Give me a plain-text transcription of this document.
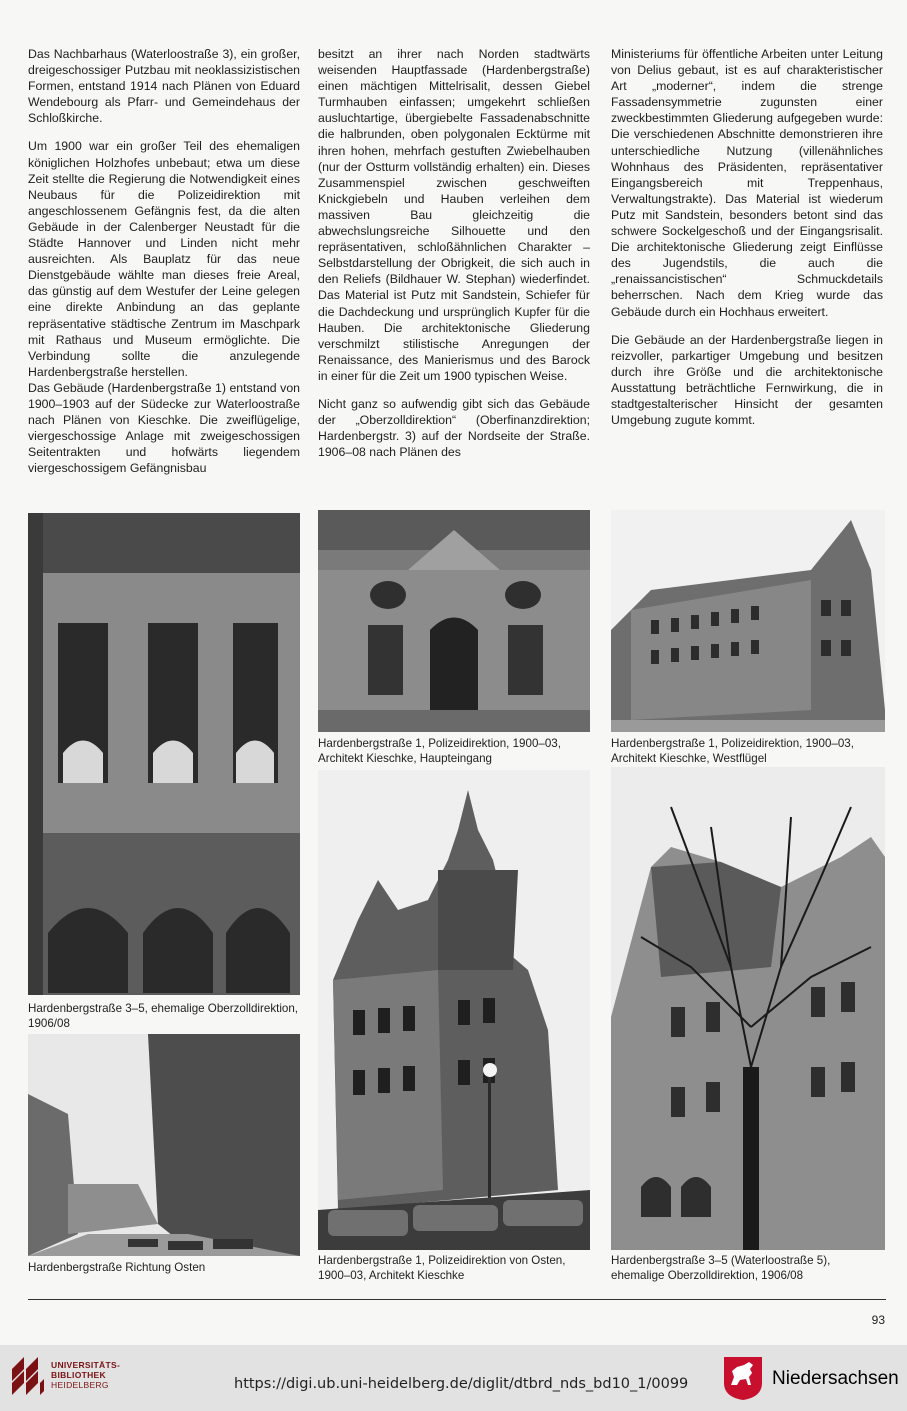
Das Nachbarhaus (Waterloostraße 3), ein großer, dreigeschossiger Putzbau mit neoklassizistischen Formen, entstand 1914 nach Plänen von Eduard Wendebourg als Pfarr- und Gemeindehaus der Schloßkirche.

Um 1900 war ein großer Teil des ehemaligen königlichen Holzhofes unbebaut; etwa um diese Zeit stellte die Regierung die Notwendigkeit eines Neubaus für die Polizeidirektion mit angeschlossenem Gefängnis fest, da die alten Gebäude in der Calenberger Neustadt für die Städte Hannover und Linden nicht mehr ausreichten. Als Bauplatz für das neue Dienstgebäude wählte man dieses freie Areal, das günstig auf dem Westufer der Leine gelegen eine direkte Anbindung an das geplante repräsentative städtische Zentrum im Maschpark mit Rathaus und Museum ermöglichte. Die Verbindung sollte die anzulegende Hardenbergstraße herstellen.

Das Gebäude (Hardenbergstraße 1) entstand von 1900–1903 auf der Südecke zur Waterloostraße nach Plänen von Kieschke. Die zweiflügelige, viergeschossige Anlage mit zweigeschossigen Seitentrakten und hofwärts liegendem viergeschossigem Gefängnisbau

besitzt an ihrer nach Norden stadtwärts weisenden Hauptfassade (Hardenbergstraße) einen mächtigen Mittelrisalit, dessen Giebel Turmhauben einfassen; umgekehrt schließen ausluchtartige, übergiebelte Fassadenabschnitte die halbrunden, oben polygonalen Ecktürme mit ihren hohen, mehrfach gestuften Zwiebelhauben (nur der Ostturm vollständig erhalten) ein. Dieses Zusammenspiel zwischen geschweiften Knickgiebeln und Hauben verleihen dem massiven Bau gleichzeitig die abwechslungsreiche Silhouette und den repräsentativen, schloßähnlichen Charakter – Selbstdarstellung der Obrigkeit, die sich auch in den Reliefs (Bildhauer W. Stephan) wiederfindet. Das Material ist Putz mit Sandstein, Schiefer für die Dachdeckung und ursprünglich Kupfer für die Hauben. Die architektonische Gliederung verschmilzt stilistische Anregungen der Renaissance, des Manierismus und des Barock in einer für die Zeit um 1900 typischen Weise.

Nicht ganz so aufwendig gibt sich das Gebäude der „Oberzolldirektion“ (Oberfinanzdirektion; Hardenbergstr. 3) auf der Nordseite der Straße. 1906–08 nach Plänen des

Ministeriums für öffentliche Arbeiten unter Leitung von Delius gebaut, ist es auf charakteristischer Art „moderner“, indem die strenge Fassadensymmetrie zugunsten einer zweckbestimmten Gliederung aufgegeben wurde: Die verschiedenen Abschnitte demonstrieren ihre unterschiedliche Nutzung (villenähnliches Wohnhaus des Präsidenten, repräsentativer Eingangsbereich mit Treppenhaus, Verwaltungstrakte). Das Material ist wiederum Putz mit Sandstein, besonders betont sind das schwere Sockelgeschoß und der Eingangsrisalit. Die architektonische Gliederung zeigt Einflüsse des Jugendstils, die auch die „renaissancistischen“ Schmuckdetails beherrschen. Nach dem Krieg wurde das Gebäude durch ein Hochhaus erweitert.

Die Gebäude an der Hardenbergstraße liegen in reizvoller, parkartiger Umgebung und besitzen durch ihre Größe und die architektonische Ausstattung beträchtliche Fernwirkung, die in stadtgestalterischer Hinsicht der gesamten Umgebung zugute kommt.

Hardenbergstraße 3–5, ehemalige Oberzolldirektion, 1906/08
Hardenbergstraße Richtung Osten
Hardenbergstraße 1, Polizeidirektion, 1900–03, Architekt Kieschke, Haupteingang
Hardenbergstraße 1, Polizeidirektion, 1900–03, Architekt Kieschke, Westflügel
Hardenbergstraße 1, Polizeidirektion von Osten, 1900–03, Architekt Kieschke
Hardenbergstraße 3–5 (Waterloostraße 5), ehemalige Oberzolldirektion, 1906/08
93
UNIVERSITÄTS-
BIBLIOTHEK
HEIDELBERG	https://digi.ub.uni-heidelberg.de/diglit/dtbrd_nds_bd10_1/0099	Niedersachsen
